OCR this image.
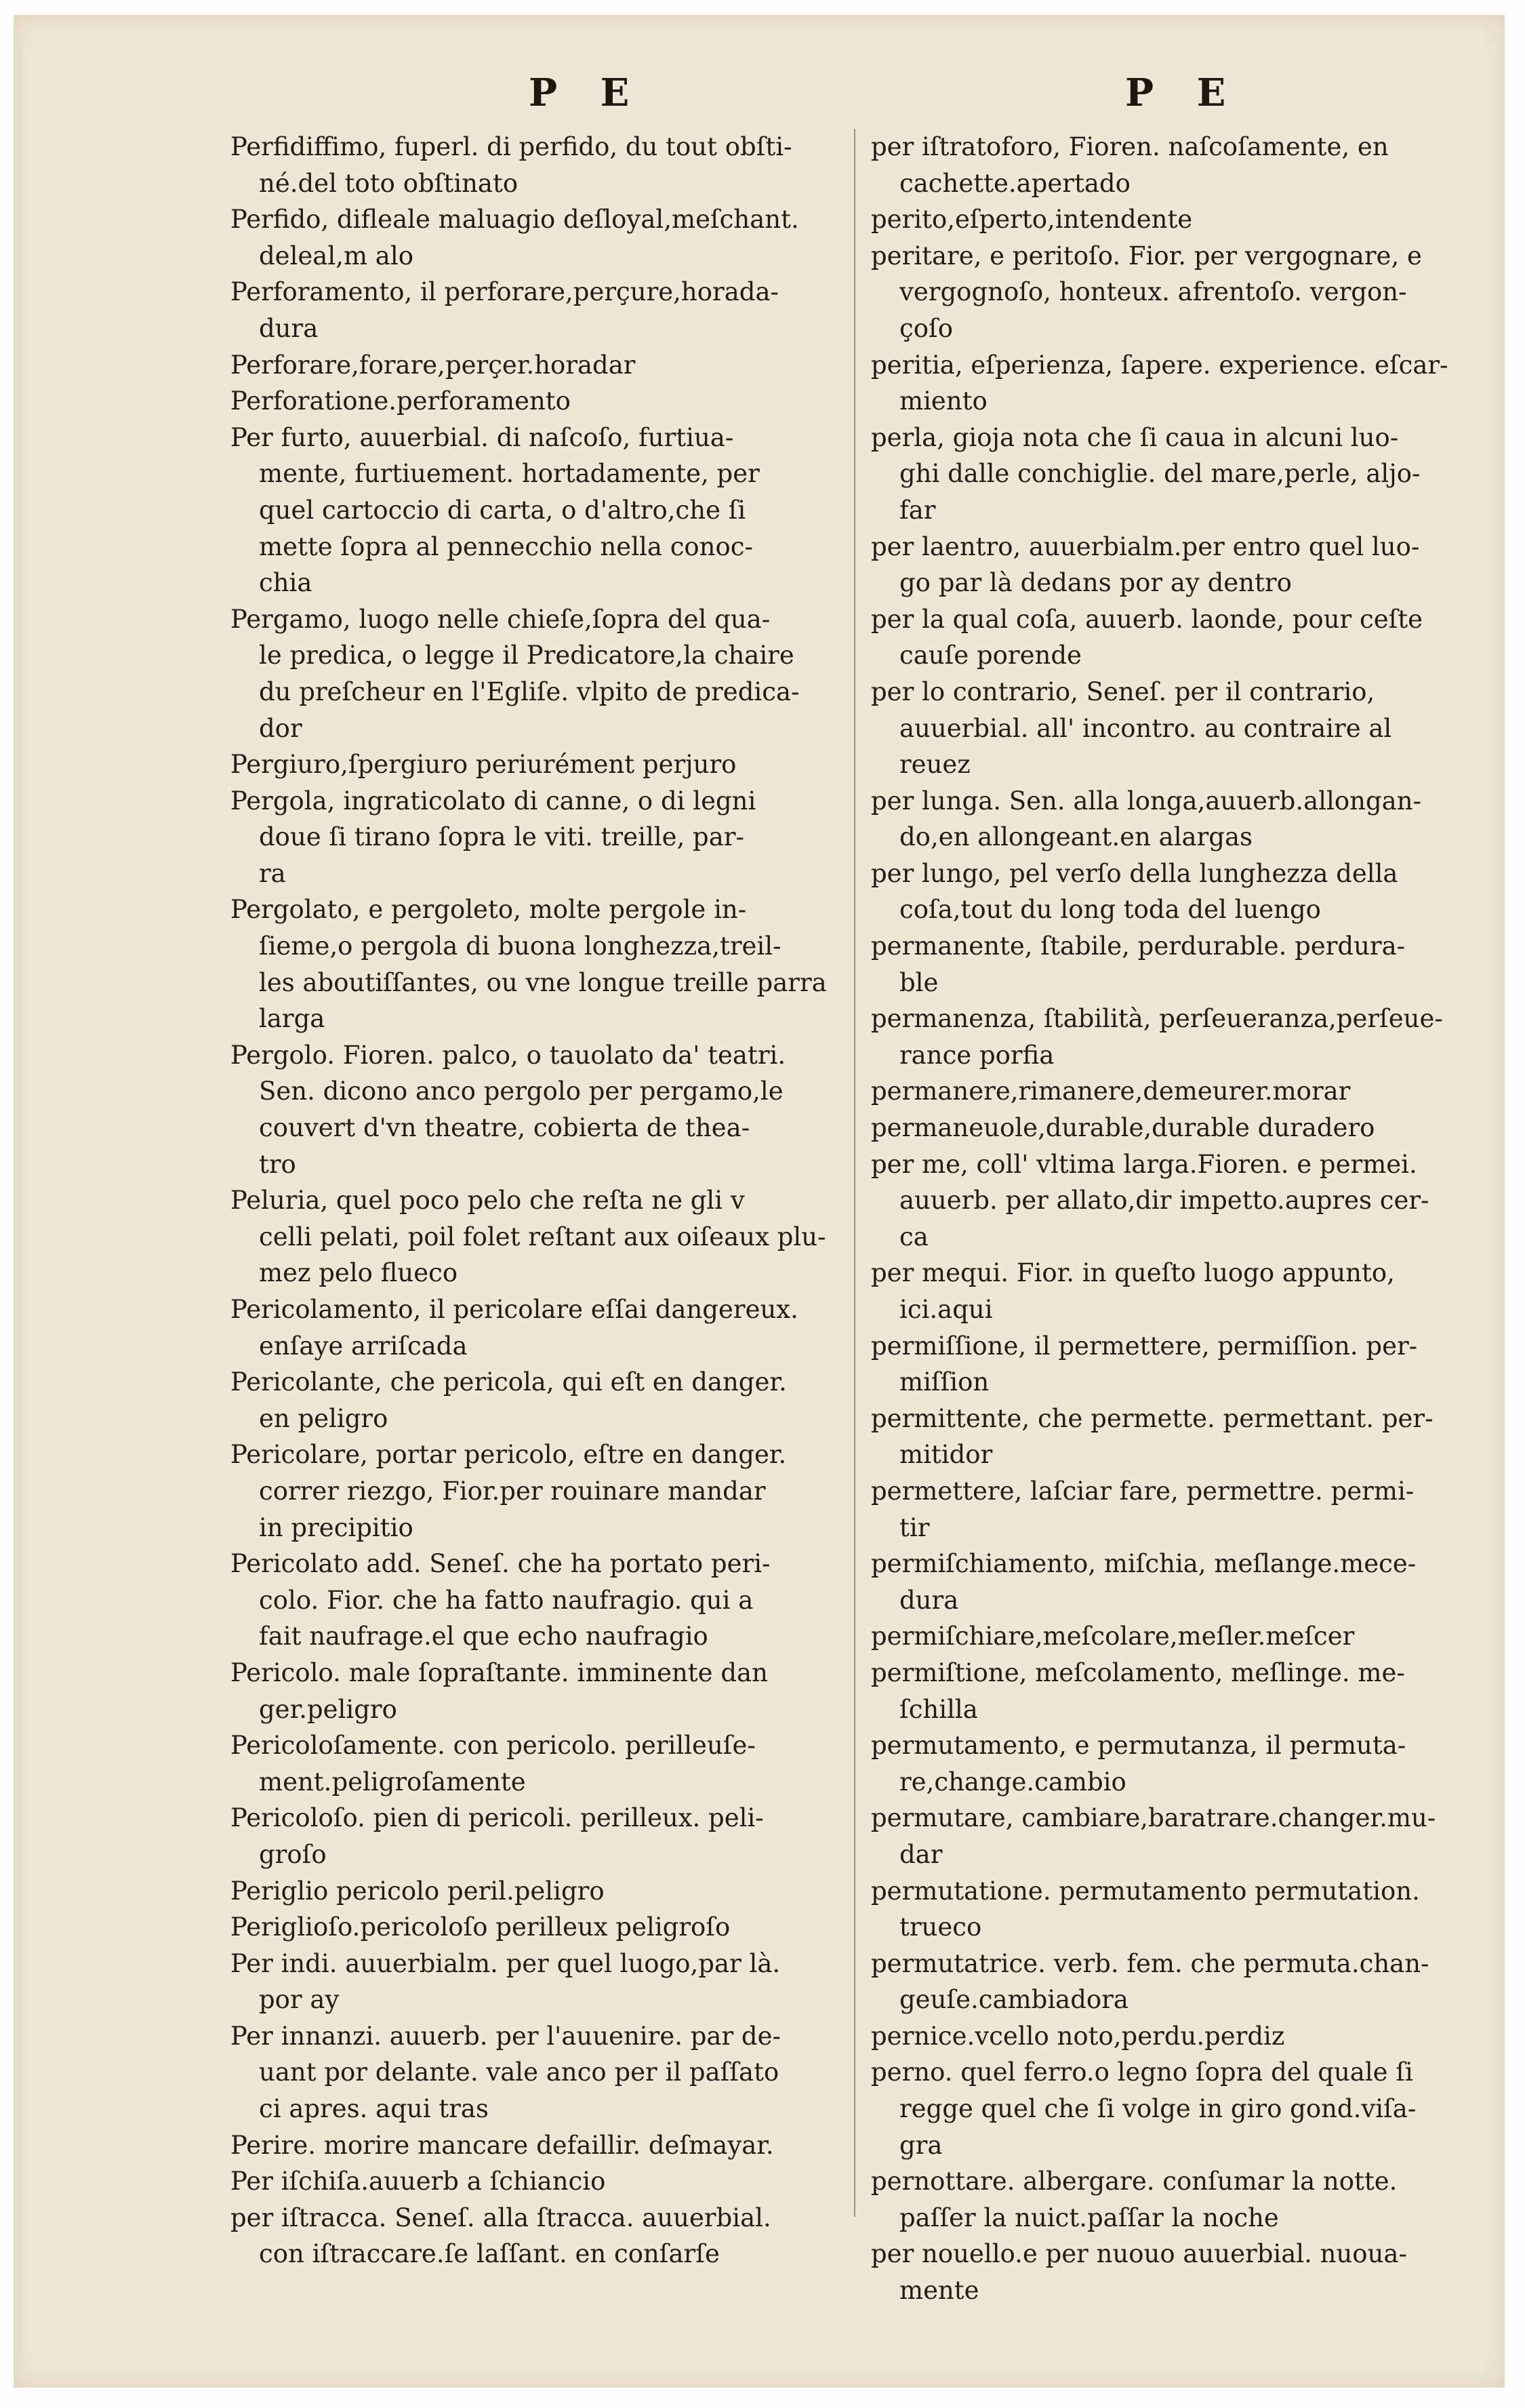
P E	P E
Perfidiffimo, fuperl. di perfido, du tout obſti-
né.del toto obſtinato
Perfido, difleale maluagio deſloyal,meſchant.
deleal,m alo
Perforamento, il perforare,perçure,horada-
dura
Perforare,forare,perçer.horadar
Perforatione.perforamento
Per furto, auuerbial. di naſcoſo, furtiua-
mente, furtiuement. hortadamente, per
quel cartoccio di carta, o d'altro,che ſi
mette ſopra al pennecchio nella conoc-
chia
Pergamo, luogo nelle chieſe,ſopra del qua-
le predica, o legge il Predicatore,la chaire
du preſcheur en l'Egliſe. vlpito de predica-
dor
Pergiuro,ſpergiuro periurément perjuro
Pergola, ingraticolato di canne, o di legni
doue ſi tirano ſopra le viti. treille, par-
ra
Pergolato, e pergoleto, molte pergole in-
ſieme,o pergola di buona longhezza,treil-
les aboutiſſantes, ou vne longue treille parra
larga
Pergolo. Fioren. palco, o tauolato da' teatri.
Sen. dicono anco pergolo per pergamo,le
couvert d'vn theatre, cobierta de thea-
tro
Peluria, quel poco pelo che reſta ne gli v
celli pelati, poil folet reſtant aux oiſeaux plu-
mez pelo flueco
Pericolamento, il pericolare eſſai dangereux.
enſaye arriſcada
Pericolante, che pericola, qui eſt en danger.
en peligro
Pericolare, portar pericolo, eſtre en danger.
correr riezgo, Fior.per rouinare mandar
in precipitio
Pericolato add. Seneſ. che ha portato peri-
colo. Fior. che ha fatto naufragio. qui a
fait naufrage.el que echo naufragio
Pericolo. male ſopraſtante. imminente dan
ger.peligro
Pericoloſamente. con pericolo. perilleuſe-
ment.peligroſamente
Pericoloſo. pien di pericoli. perilleux. peli-
groſo
Periglio pericolo peril.peligro
Periglioſo.pericoloſo perilleux peligroſo
Per indi. auuerbialm. per quel luogo,par là.
por ay
Per innanzi. auuerb. per l'auuenire. par de-
uant por delante. vale anco per il paſſato
ci apres. aqui tras
Perire. morire mancare defaillir. deſmayar.
Per iſchiſa.auuerb a ſchiancio
per iſtracca. Seneſ. alla ſtracca. auuerbial.
con iſtraccare.ſe laſſant. en conſarſe
per iſtratoforo, Fioren. naſcoſamente, en
cachette.apertado
perito,eſperto,intendente
peritare, e peritoſo. Fior. per vergognare, e
vergognoſo, honteux. afrentoſo. vergon-
çoſo
peritia, eſperienza, ſapere. experience. eſcar-
miento
perla, gioja nota che ſi caua in alcuni luo-
ghi dalle conchiglie. del mare,perle, aljo-
far
per laentro, auuerbialm.per entro quel luo-
go par là dedans por ay dentro
per la qual coſa, auuerb. laonde, pour ceſte
cauſe porende
per lo contrario, Seneſ. per il contrario,
auuerbial. all' incontro. au contraire al
reuez
per lunga. Sen. alla longa,auuerb.allongan-
do,en allongeant.en alargas
per lungo, pel verſo della lunghezza della
coſa,tout du long toda del luengo
permanente, ſtabile, perdurable. perdura-
ble
permanenza, ſtabilità, perſeueranza,perſeue-
rance porfia
permanere,rimanere,demeurer.morar
permaneuole,durable,durable duradero
per me, coll' vltima larga.Fioren. e permei.
auuerb. per allato,dir impetto.aupres cer-
ca
per mequi. Fior. in queſto luogo appunto,
ici.aqui
permiſſione, il permettere, permiſſion. per-
miſſion
permittente, che permette. permettant. per-
mitidor
permettere, laſciar fare, permettre. permi-
tir
permiſchiamento, miſchia, meſlange.mece-
dura
permiſchiare,meſcolare,meſler.meſcer
permiſtione, meſcolamento, meſlinge. me-
ſchilla
permutamento, e permutanza, il permuta-
re,change.cambio
permutare, cambiare,baratrare.changer.mu-
dar
permutatione. permutamento permutation.
trueco
permutatrice. verb. fem. che permuta.chan-
geuſe.cambiadora
pernice.vcello noto,perdu.perdiz
perno. quel ferro.o legno ſopra del quale ſi
regge quel che ſi volge in giro gond.viſa-
gra
pernottare. albergare. conſumar la notte.
paſſer la nuict.paſſar la noche
per nouello.e per nuouo auuerbial. nuoua-
mente
